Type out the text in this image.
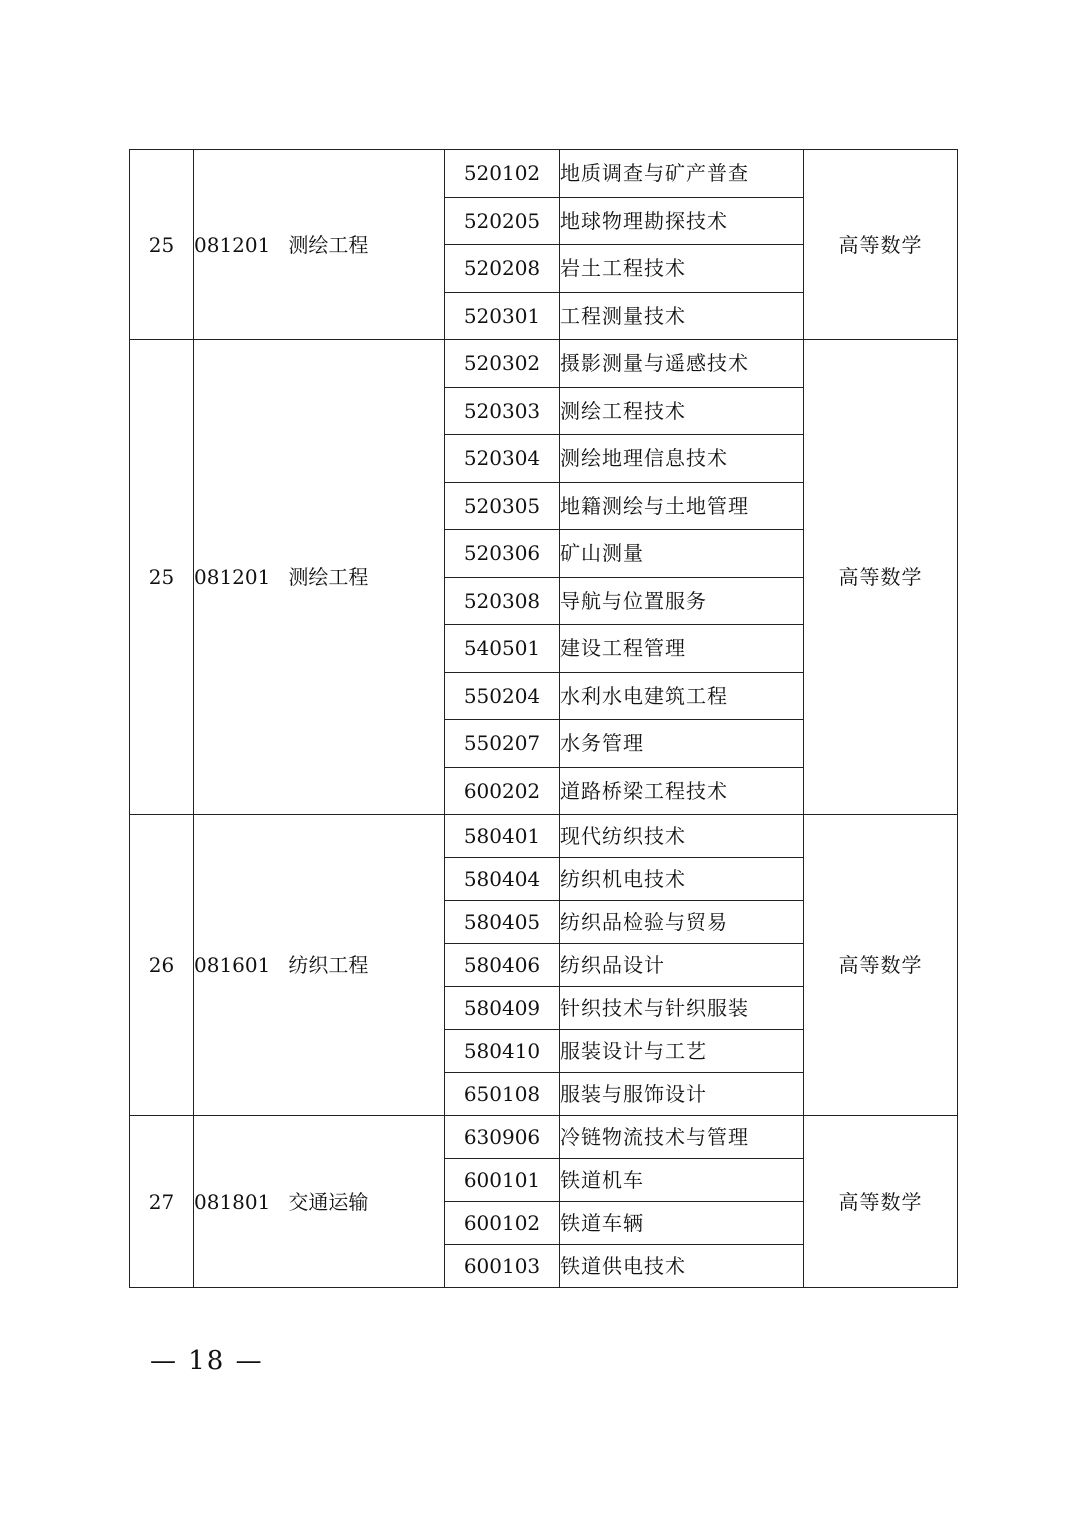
25	081201 测绘工程	520102	地质调查与矿产普查	高等数学
		520205	地球物理勘探技术	
		520208	岩土工程技术	
		520301	工程测量技术	
25	081201 测绘工程	520302	摄影测量与遥感技术	高等数学
		520303	测绘工程技术	
		520304	测绘地理信息技术	
		520305	地籍测绘与土地管理	
		520306	矿山测量	
		520308	导航与位置服务	
		540501	建设工程管理	
		550204	水利水电建筑工程	
		550207	水务管理	
		600202	道路桥梁工程技术	
26	081601 纺织工程	580401	现代纺织技术	高等数学
		580404	纺织机电技术	
		580405	纺织品检验与贸易	
		580406	纺织品设计	
		580409	针织技术与针织服装	
		580410	服装设计与工艺	
		650108	服装与服饰设计	
27	081801 交通运输	630906	冷链物流技术与管理	高等数学
		600101	铁道机车	
		600102	铁道车辆	
		600103	铁道供电技术	
— 18 —
